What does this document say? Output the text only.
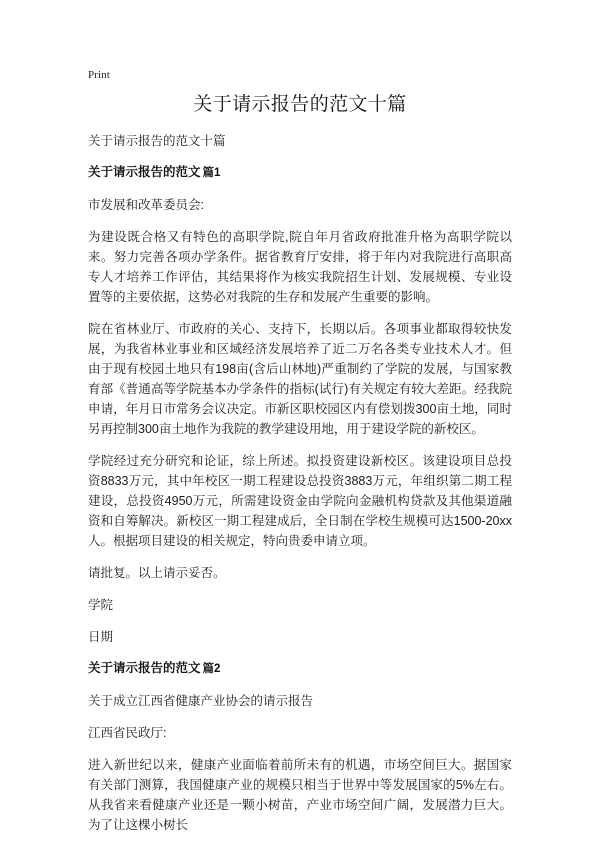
Print
关于请示报告的范文十篇

关于请示报告的范文十篇

关于请示报告的范文 篇1

市发展和改革委员会:

为建设既合格又有特色的高职学院,院自年月省政府批准升格为高职学院以来。努力完善各项办学条件。据省教育厅安排，将于年内对我院进行高职高专人才培养工作评估，其结果将作为核实我院招生计划、发展规模、专业设置等的主要依据，这势必对我院的生存和发展产生重要的影响。

院在省林业厅、市政府的关心、支持下，长期以后。各项事业都取得较快发展，为我省林业事业和区域经济发展培养了近二万名各类专业技术人才。但由于现有校园土地只有198亩(含后山林地)严重制约了学院的发展，与国家教育部《普通高等学院基本办学条件的指标(试行)有关规定有较大差距。经我院申请，年月日市常务会议决定。市新区职校园区内有偿划拨300亩土地，同时另再控制300亩土地作为我院的教学建设用地，用于建设学院的新校区。

学院经过充分研究和论证，综上所述。拟投资建设新校区。该建设项目总投资8833万元，其中年校区一期工程建设总投资3883万元，年组织第二期工程建设，总投资4950万元，所需建设资金由学院向金融机构贷款及其他渠道融资和自筹解决。新校区一期工程建成后，全日制在学校生规模可达1500-20xx人。根据项目建设的相关规定，特向贵委申请立项。

请批复。以上请示妥否。

学院

日期

关于请示报告的范文 篇2

关于成立江西省健康产业协会的请示报告

江西省民政厅:

进入新世纪以来，健康产业面临着前所未有的机遇，市场空间巨大。据国家有关部门测算，我国健康产业的规模只相当于世界中等发展国家的5%左右。从我省来看健康产业还是一颗小树苗，产业市场空间广阔，发展潜力巨大。为了让这棵小树长
